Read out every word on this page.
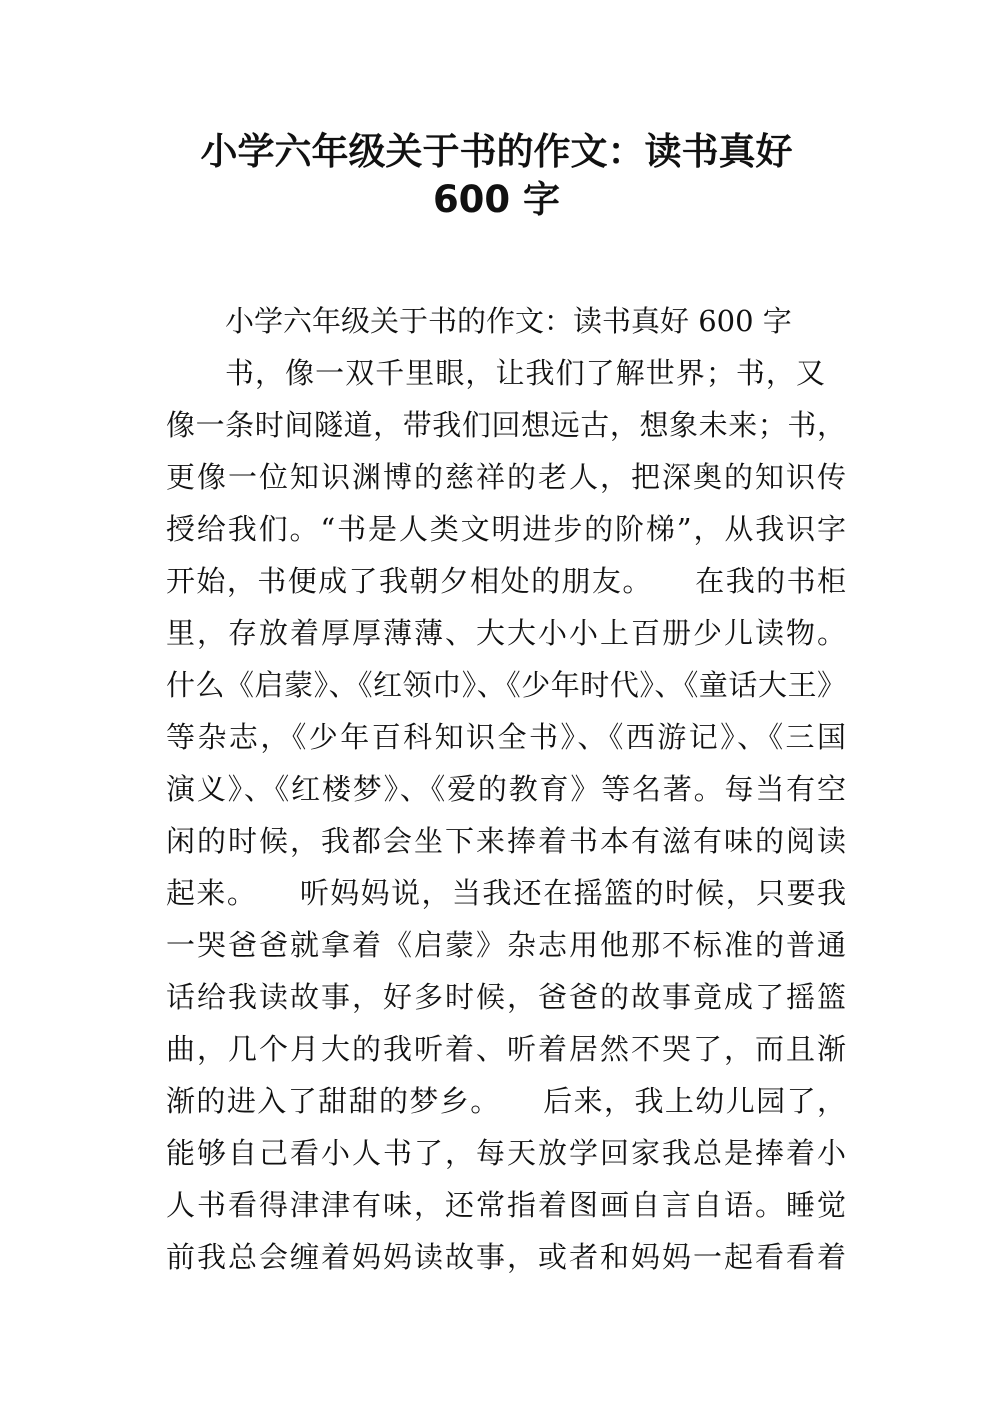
小学六年级关于书的作文：读书真好
600 字
小学六年级关于书的作文：读书真好 600 字
书，像一双千里眼，让我们了解世界；书，又
像一条时间隧道，带我们回想远古，想象未来；书，
更像一位知识渊博的慈祥的老人，把深奥的知识传
授给我们。“书是人类文明进步的阶梯”，从我识字
开始，书便成了我朝夕相处的朋友。    在我的书柜
里，存放着厚厚薄薄、大大小小上百册少儿读物。
什么《启蒙》、《红领巾》、《少年时代》、《童话大王》
等杂志，《少年百科知识全书》、《西游记》、《三国
演义》、《红楼梦》、《爱的教育》等名著。每当有空
闲的时候，我都会坐下来捧着书本有滋有味的阅读
起来。    听妈妈说，当我还在摇篮的时候，只要我
一哭爸爸就拿着《启蒙》杂志用他那不标准的普通
话给我读故事，好多时候，爸爸的故事竟成了摇篮
曲，几个月大的我听着、听着居然不哭了，而且渐
渐的进入了甜甜的梦乡。    后来，我上幼儿园了，
能够自己看小人书了，每天放学回家我总是捧着小
人书看得津津有味，还常指着图画自言自语。睡觉
前我总会缠着妈妈读故事，或者和妈妈一起看看着
